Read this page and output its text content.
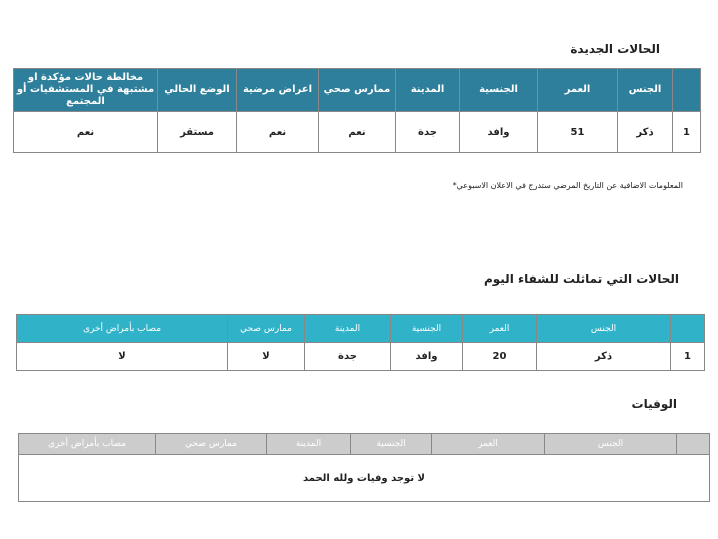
الحالات الجديدة
	الجنس	العمر	الجنسية	المدينة	ممارس صحي	اعراض مرضية	الوضع الحالي	مخالطة حالات مؤكدة او مشتبهة في المستشفيات أو المجتمع
1	ذكر	51	وافد	جدة	نعم	نعم	مستقر	نعم
المعلومات الاضافية عن التاريخ المرضي ستدرج في الاعلان الاسبوعي*
الحالات التي تماثلت للشفاء اليوم
	الجنس	العمر	الجنسية	المدينة	ممارس صحي	مصاب بأمراض أخرى
1	ذكر	20	وافد	جدة	لا	لا
الوفيات
	الجنس	العمر	الجنسية	المدينة	ممارس صحي	مصاب بأمراض أخرى
لا توجد وفيات ولله الحمد
